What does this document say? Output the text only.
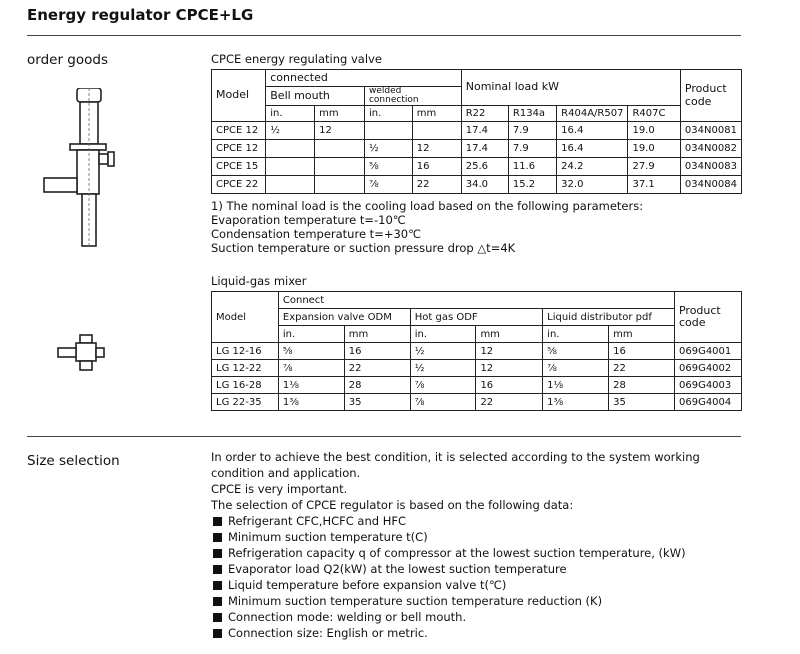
Energy regulator CPCE+LG
order goods	CPCE energy regulating valve
Model	connected				Nominal load kW				Product
code
	Bell mouth		welded
connection						

	in.	mm	in.	mm	R22	R134a	R404A/R507	R407C	
CPCE 12	½	12			17.4	7.9	16.4	19.0	034N0081
CPCE 12			½	12	17.4	7.9	16.4	19.0	034N0082
CPCE 15			⅝	16	25.6	11.6	24.2	27.9	034N0083
CPCE 22			⅞	22	34.0	15.2	32.0	37.1	034N0084
1) The nominal load is the cooling load based on the following parameters:
Evaporation temperature t=-10℃
Condensation temperature t=+30℃
Suction temperature or suction pressure drop △t=4K
Liquid-gas mixer
Model	Connect						Product
code
	Expansion valve ODM		Hot gas ODF		Liquid distributor pdf		
	in.	mm	in.	mm	in.	mm	
LG 12-16	⅝	16	½	12	⅝	16	069G4001
LG 12-22	⅞	22	½	12	⅞	22	069G4002
LG 16-28	1⅛	28	⅞	16	1⅛	28	069G4003
LG 22-35	1⅜	35	⅞	22	1⅜	35	069G4004
Size selection	In order to achieve the best condition, it is selected according to the system working condition and application.
CPCE is very important.
The selection of CPCE regulator is based on the following data:
Refrigerant CFC,HCFC and HFC
Minimum suction temperature t(C)
Refrigeration capacity q of compressor at the lowest suction temperature, (kW)
Evaporator load Q2(kW) at the lowest suction temperature
Liquid temperature before expansion valve t(℃)
Minimum suction temperature suction temperature reduction (K)
Connection mode: welding or bell mouth.
Connection size: English or metric.
